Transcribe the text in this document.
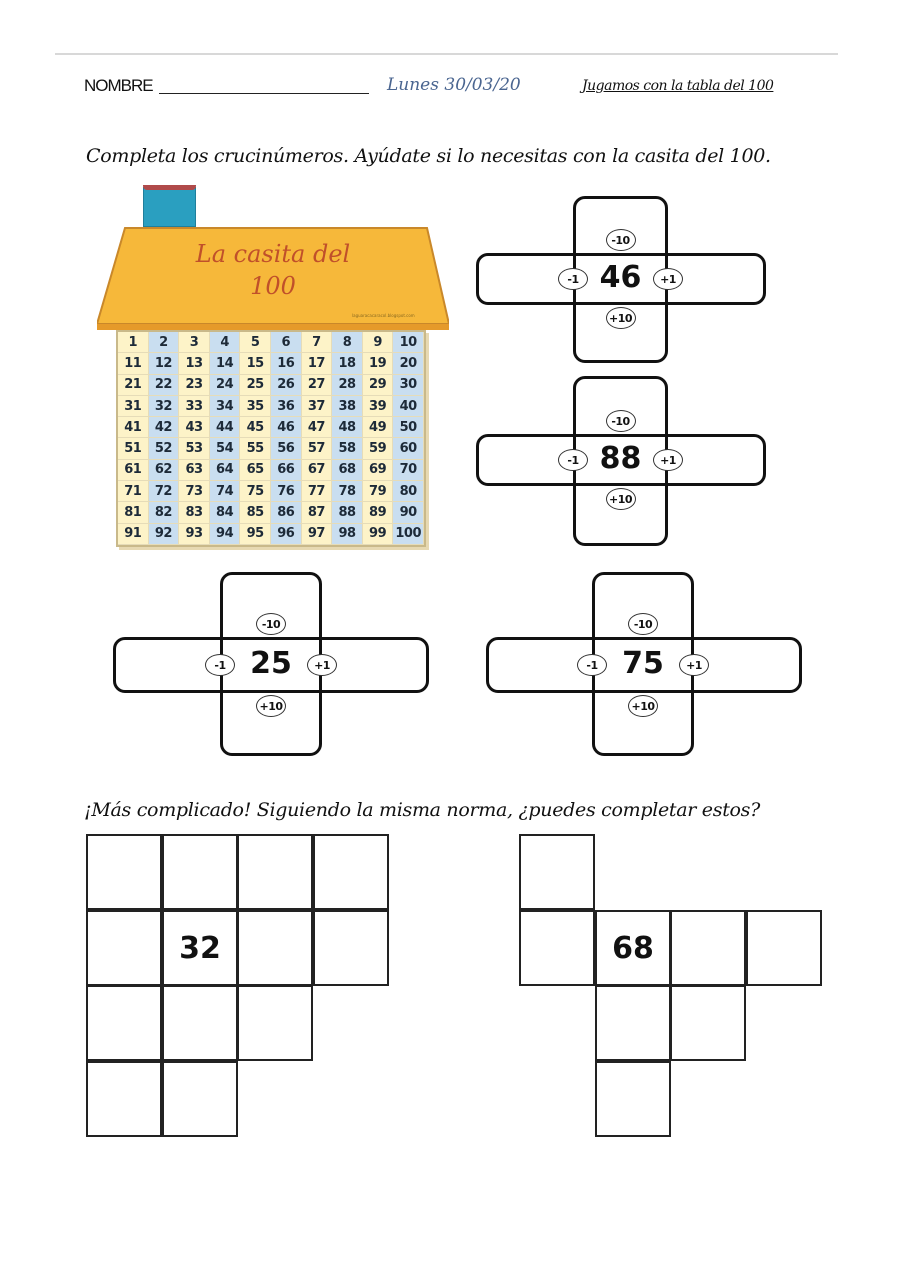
NOMBRE	Lunes 30/03/20	Jugamos con la tabla del 100
Completa los crucinúmeros. Ayúdate si lo necesitas con la casita del 100.
La casita del
100
laguaracacaracol.blogspot.com
1	2	3	4	5	6	7	8	9	10
11	12	13	14	15	16	17	18	19	20
21	22	23	24	25	26	27	28	29	30
31	32	33	34	35	36	37	38	39	40
41	42	43	44	45	46	47	48	49	50
51	52	53	54	55	56	57	58	59	60
61	62	63	64	65	66	67	68	69	70
71	72	73	74	75	76	77	78	79	80
81	82	83	84	85	86	87	88	89	90
91	92	93	94	95	96	97	98	99 100
-10
+10
-1	+1
46
-10
+10
-1	+1
88
-10
+10
-1	+1
25
-10
+10
-1	+1
75
¡Más complicado! Siguiendo la misma norma, ¿puedes completar estos?
32	68
